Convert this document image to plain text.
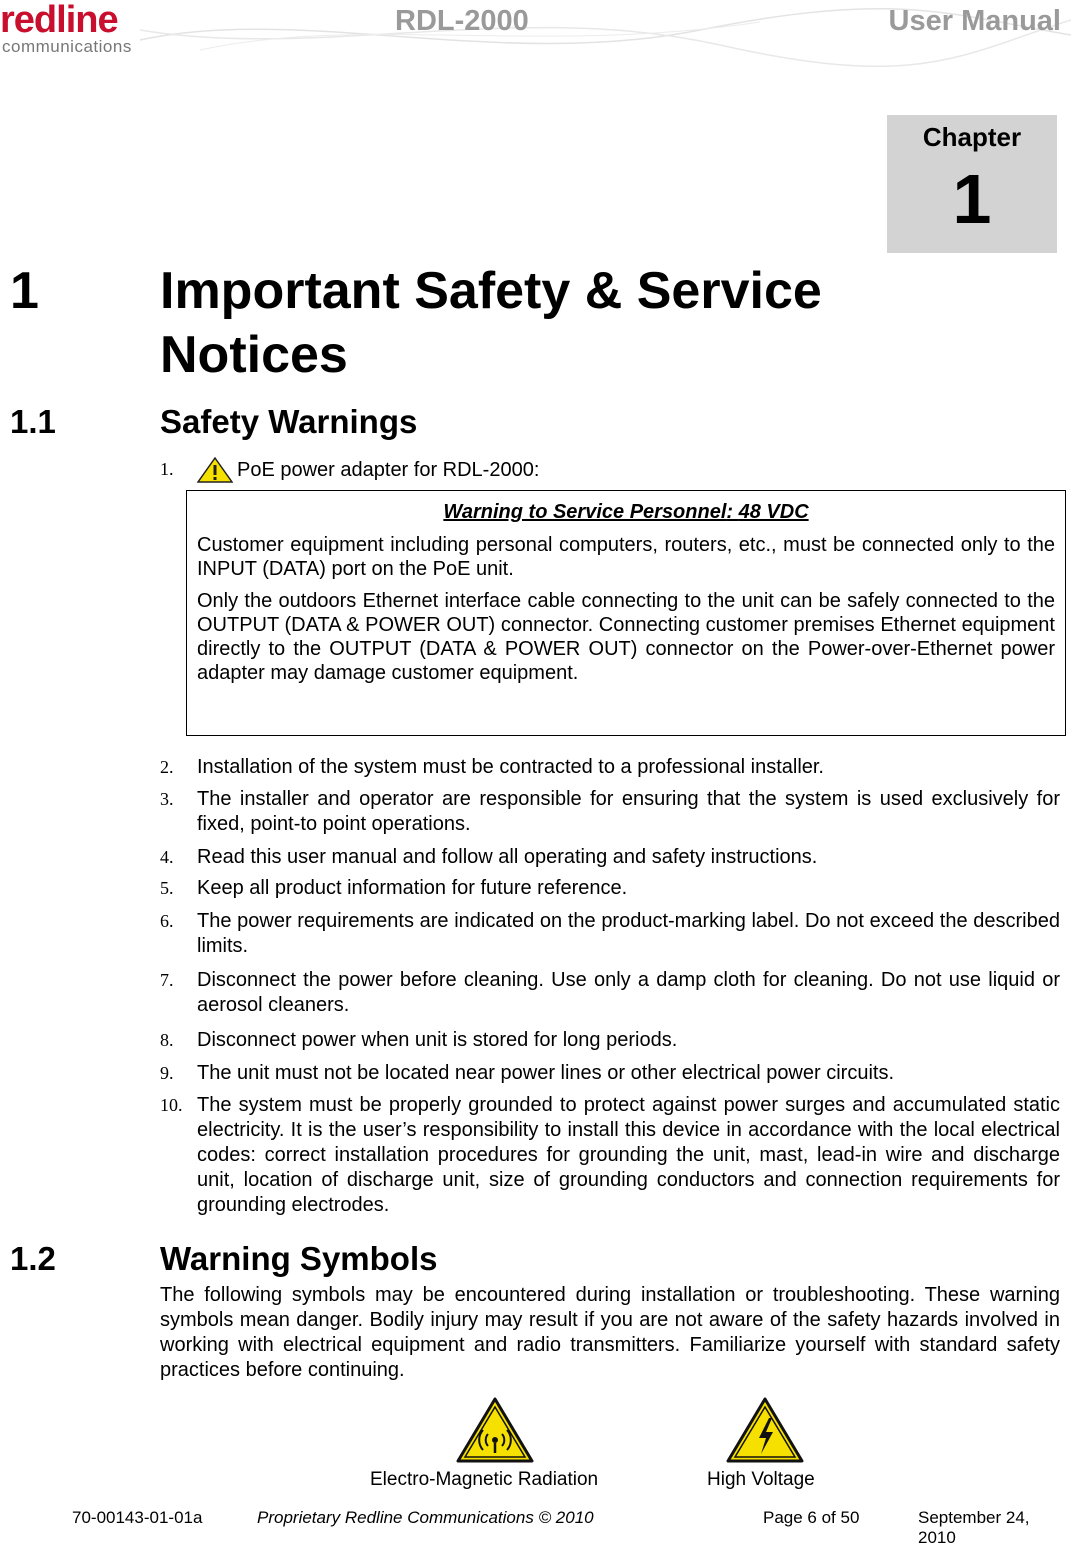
redline
communications
RDL-2000	User Manual
Chapter
1
1 Important Safety & Service Notices
1.1	Safety Warnings
1.	PoE power adapter for RDL-2000:
Warning to Service Personnel: 48 VDC

Customer equipment including personal computers, routers, etc., must be connected only to the INPUT (DATA) port on the PoE unit.

Only the outdoors Ethernet interface cable connecting to the unit can be safely connected to the OUTPUT (DATA & POWER OUT) connector. Connecting customer premises Ethernet equipment directly to the OUTPUT (DATA & POWER OUT) connector on the Power-over-Ethernet power adapter may damage customer equipment.

2. Installation of the system must be contracted to a professional installer.
3. The installer and operator are responsible for ensuring that the system is used exclusively for fixed, point-to point operations.
4. Read this user manual and follow all operating and safety instructions.
5. Keep all product information for future reference.
6. The power requirements are indicated on the product-marking label. Do not exceed the described limits.
7. Disconnect the power before cleaning. Use only a damp cloth for cleaning. Do not use liquid or aerosol cleaners.
8. Disconnect power when unit is stored for long periods.
9. The unit must not be located near power lines or other electrical power circuits.
10. The system must be properly grounded to protect against power surges and accumulated static electricity. It is the user’s responsibility to install this device in accordance with the local electrical codes: correct installation procedures for grounding the unit, mast, lead-in wire and discharge unit, location of discharge unit, size of grounding conductors and connection requirements for grounding electrodes.
1.2	Warning Symbols
The following symbols may be encountered during installation or troubleshooting. These warning symbols mean danger. Bodily injury may result if you are not aware of the safety hazards involved in working with electrical equipment and radio transmitters. Familiarize yourself with standard safety practices before continuing.
Electro-Magnetic Radiation	High Voltage
70-00143-01-01a	Proprietary Redline Communications © 2010	Page 6 of 50	September 24, 2010
